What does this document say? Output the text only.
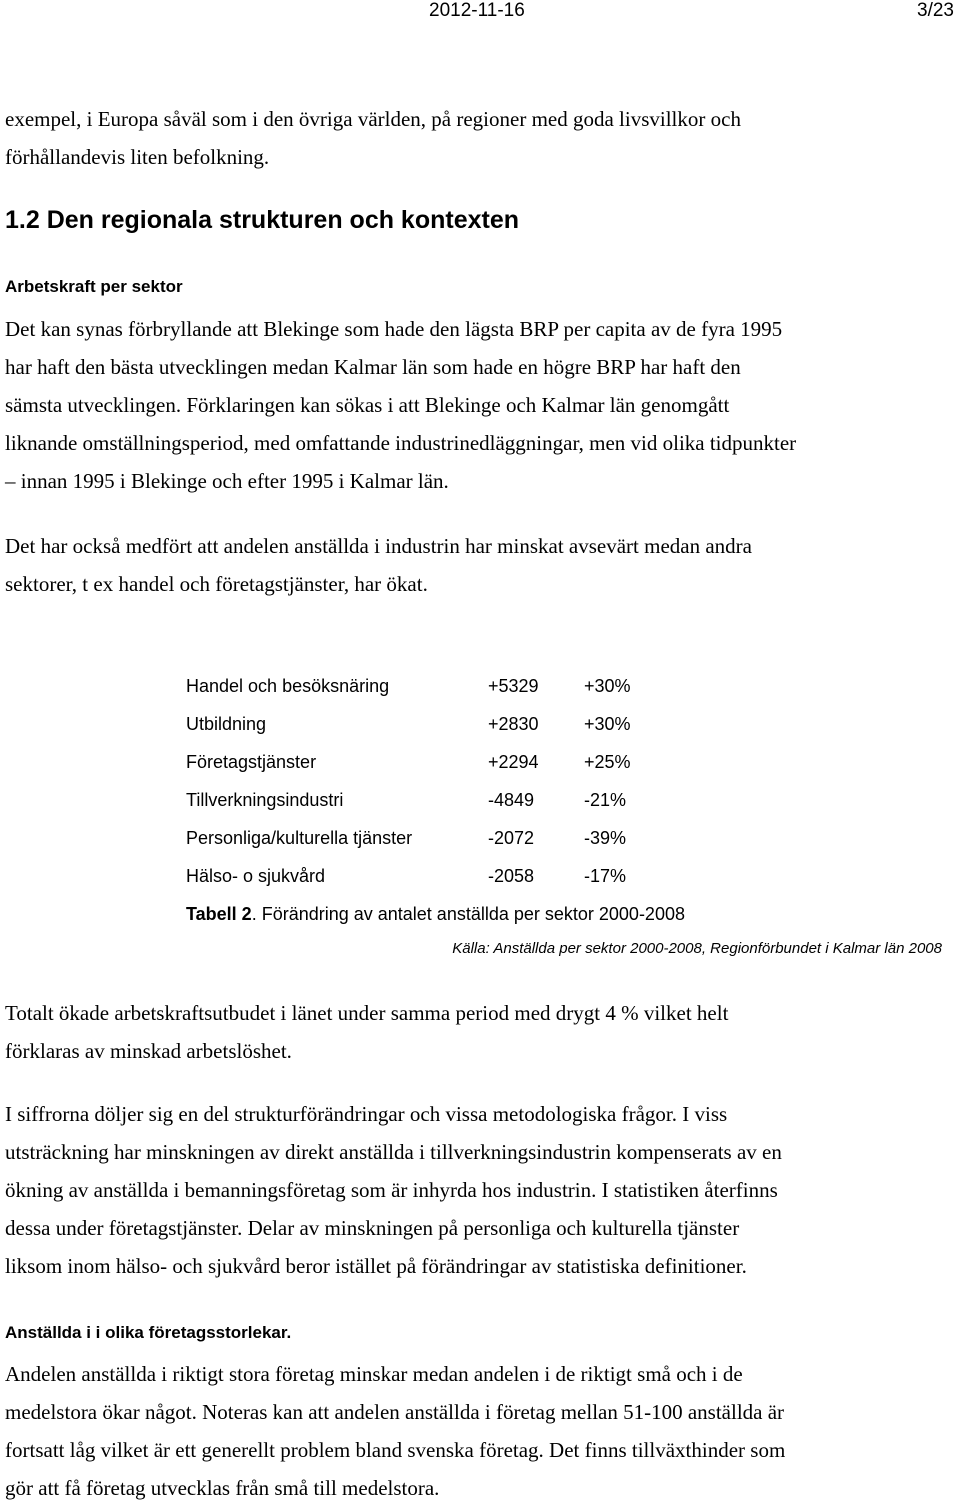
2012-11-16	3/23

exempel, i Europa såväl som i den övriga världen, på regioner med goda livsvillkor och
förhållandevis liten befolkning.

1.2 Den regionala strukturen och kontexten
Arbetskraft per sektor

Det kan synas förbryllande att Blekinge som hade den lägsta BRP per capita av de fyra 1995
har haft den bästa utvecklingen medan Kalmar län som hade en högre BRP har haft den
sämsta utvecklingen. Förklaringen kan sökas i att Blekinge och Kalmar län genomgått
liknande omställningsperiod, med omfattande industrinedläggningar, men vid olika tidpunkter
– innan 1995 i Blekinge och efter 1995 i Kalmar län.

Det har också medfört att andelen anställda i industrin har minskat avsevärt medan andra
sektorer, t ex handel och företagstjänster, har ökat.

Handel och besöksnäring	+5329	+30%
Utbildning	+2830	+30%
Företagstjänster	+2294	+25%
Tillverkningsindustri	-4849	-21%
Personliga/kulturella tjänster	-2072	-39%
Hälso- o sjukvård	-2058	-17%

Tabell 2. Förändring av antalet anställda per sektor 2000-2008

Källa: Anställda per sektor 2000-2008, Regionförbundet i Kalmar län 2008

Totalt ökade arbetskraftsutbudet i länet under samma period med drygt 4 % vilket helt
förklaras av minskad arbetslöshet.

I siffrorna döljer sig en del strukturförändringar och vissa metodologiska frågor. I viss
utsträckning har minskningen av direkt anställda i tillverkningsindustrin kompenserats av en
ökning av anställda i bemanningsföretag som är inhyrda hos industrin. I statistiken återfinns
dessa under företagstjänster. Delar av minskningen på personliga och kulturella tjänster
liksom inom hälso- och sjukvård beror istället på förändringar av statistiska definitioner.

Anställda i i olika företagsstorlekar.

Andelen anställda i riktigt stora företag minskar medan andelen i de riktigt små och i de
medelstora ökar något. Noteras kan att andelen anställda i företag mellan 51-100 anställda är
fortsatt låg vilket är ett generellt problem bland svenska företag. Det finns tillväxthinder som
gör att få företag utvecklas från små till medelstora.
